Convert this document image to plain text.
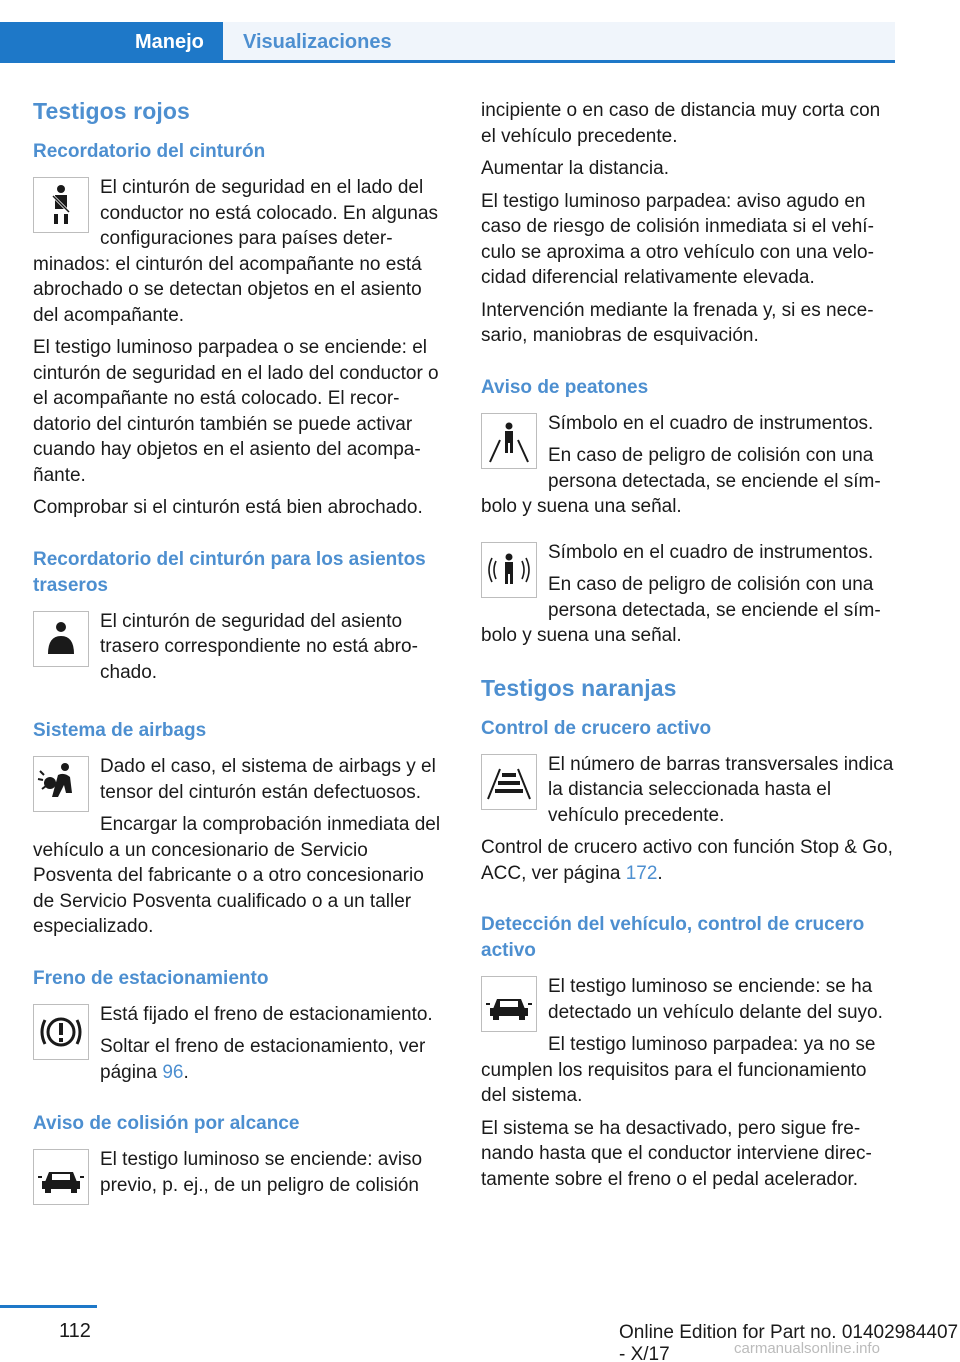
Manejo	Visualizaciones
Testigos rojos
Recordatorio del cinturón

El cinturón de seguridad en el lado del conductor no está colocado. En algunas configuraciones para países determinados: el cinturón del acompañante no está abrochado o se detectan objetos en el asiento del acompañante.

El testigo luminoso parpadea o se enciende: el cinturón de seguridad en el lado del conductor o el acompañante no está colocado. El recordatorio del cinturón también se puede activar cuando hay objetos en el asiento del acompañante.

Comprobar si el cinturón está bien abrochado.

Recordatorio del cinturón para los asientos traseros

El cinturón de seguridad del asiento trasero correspondiente no está abrochado.

Sistema de airbags

Dado el caso, el sistema de airbags y el tensor del cinturón están defectuosos.

Encargar la comprobación inmediata del vehículo a un concesionario de Servicio Posventa del fabricante o a otro concesionario de Servicio Posventa cualificado o a un taller especializado.

Freno de estacionamiento

Está fijado el freno de estacionamiento.

Soltar el freno de estacionamiento, ver página 96.

Aviso de colisión por alcance

El testigo luminoso se enciende: aviso previo, p. ej., de un peligro de colisión

incipiente o en caso de distancia muy corta con el vehículo precedente.

Aumentar la distancia.

El testigo luminoso parpadea: aviso agudo en caso de riesgo de colisión inmediata si el vehículo se aproxima a otro vehículo con una velocidad diferencial relativamente elevada.

Intervención mediante la frenada y, si es necesario, maniobras de esquivación.

Aviso de peatones

Símbolo en el cuadro de instrumentos.

En caso de peligro de colisión con una persona detectada, se enciende el símbolo y suena una señal.

Símbolo en el cuadro de instrumentos.

En caso de peligro de colisión con una persona detectada, se enciende el símbolo y suena una señal.

Testigos naranjas
Control de crucero activo

El número de barras transversales indica la distancia seleccionada hasta el vehículo precedente.

Control de crucero activo con función Stop & Go, ACC, ver página 172.

Detección del vehículo, control de crucero activo

El testigo luminoso se enciende: se ha detectado un vehículo delante del suyo.

El testigo luminoso parpadea: ya no se cumplen los requisitos para el funcionamiento del sistema.

El sistema se ha desactivado, pero sigue frenando hasta que el conductor interviene directamente sobre el freno o el pedal acelerador.

112	Online Edition for Part no. 01402984407 - X/17	carmanualsonline.info
